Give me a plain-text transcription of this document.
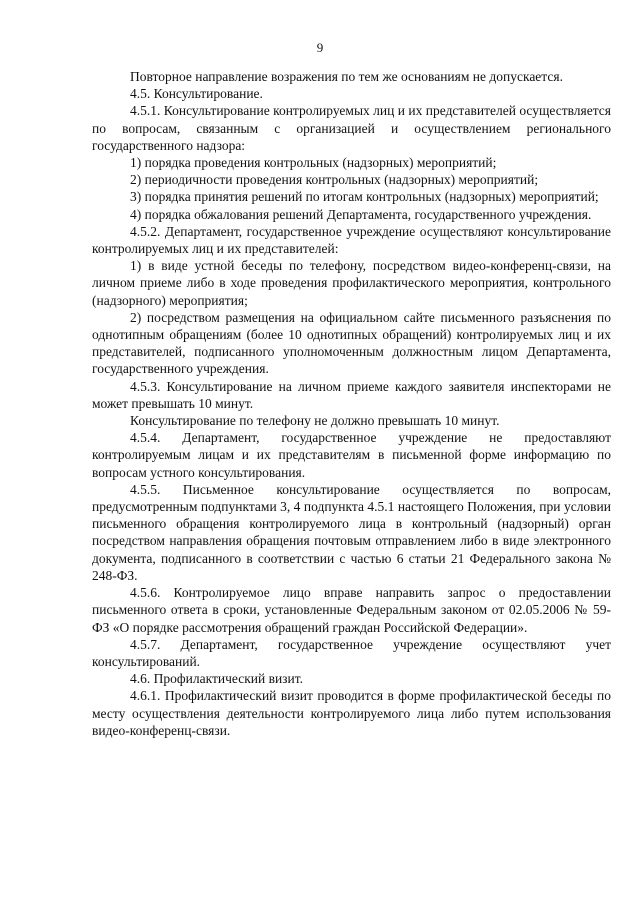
9

Повторное направление возражения по тем же основаниям не допускается.

4.5. Консультирование.

4.5.1. Консультирование контролируемых лиц и их представителей осуществляется по вопросам, связанным с организацией и осуществлением регионального государственного надзора:

1) порядка проведения контрольных (надзорных) мероприятий;

2) периодичности проведения контрольных (надзорных) мероприятий;

3) порядка принятия решений по итогам контрольных (надзорных) мероприятий;

4) порядка обжалования решений Департамента, государственного учреждения.

4.5.2. Департамент, государственное учреждение осуществляют консультирование контролируемых лиц и их представителей:

1) в виде устной беседы по телефону, посредством видео-конференц-связи, на личном приеме либо в ходе проведения профилактического мероприятия, контрольного (надзорного) мероприятия;

2) посредством размещения на официальном сайте письменного разъяснения по однотипным обращениям (более 10 однотипных обращений) контролируемых лиц и их представителей, подписанного уполномоченным должностным лицом Департамента, государственного учреждения.

4.5.3. Консультирование на личном приеме каждого заявителя инспекторами не может превышать 10 минут.

Консультирование по телефону не должно превышать 10 минут.

4.5.4. Департамент, государственное учреждение не предоставляют контролируемым лицам и их представителям в письменной форме информацию по вопросам устного консультирования.

4.5.5. Письменное консультирование осуществляется по вопросам, предусмотренным подпунктами 3, 4 подпункта 4.5.1 настоящего Положения, при условии письменного обращения контролируемого лица в контрольный (надзорный) орган посредством направления обращения почтовым отправлением либо в виде электронного документа, подписанного в соответствии с частью 6 статьи 21 Федерального закона № 248-ФЗ.

4.5.6. Контролируемое лицо вправе направить запрос о предоставлении письменного ответа в сроки, установленные Федеральным законом от 02.05.2006 № 59-ФЗ «О порядке рассмотрения обращений граждан Российской Федерации».

4.5.7. Департамент, государственное учреждение осуществляют учет консультирований.

4.6. Профилактический визит.

4.6.1. Профилактический визит проводится в форме профилактической беседы по месту осуществления деятельности контролируемого лица либо путем использования видео-конференц-связи.
